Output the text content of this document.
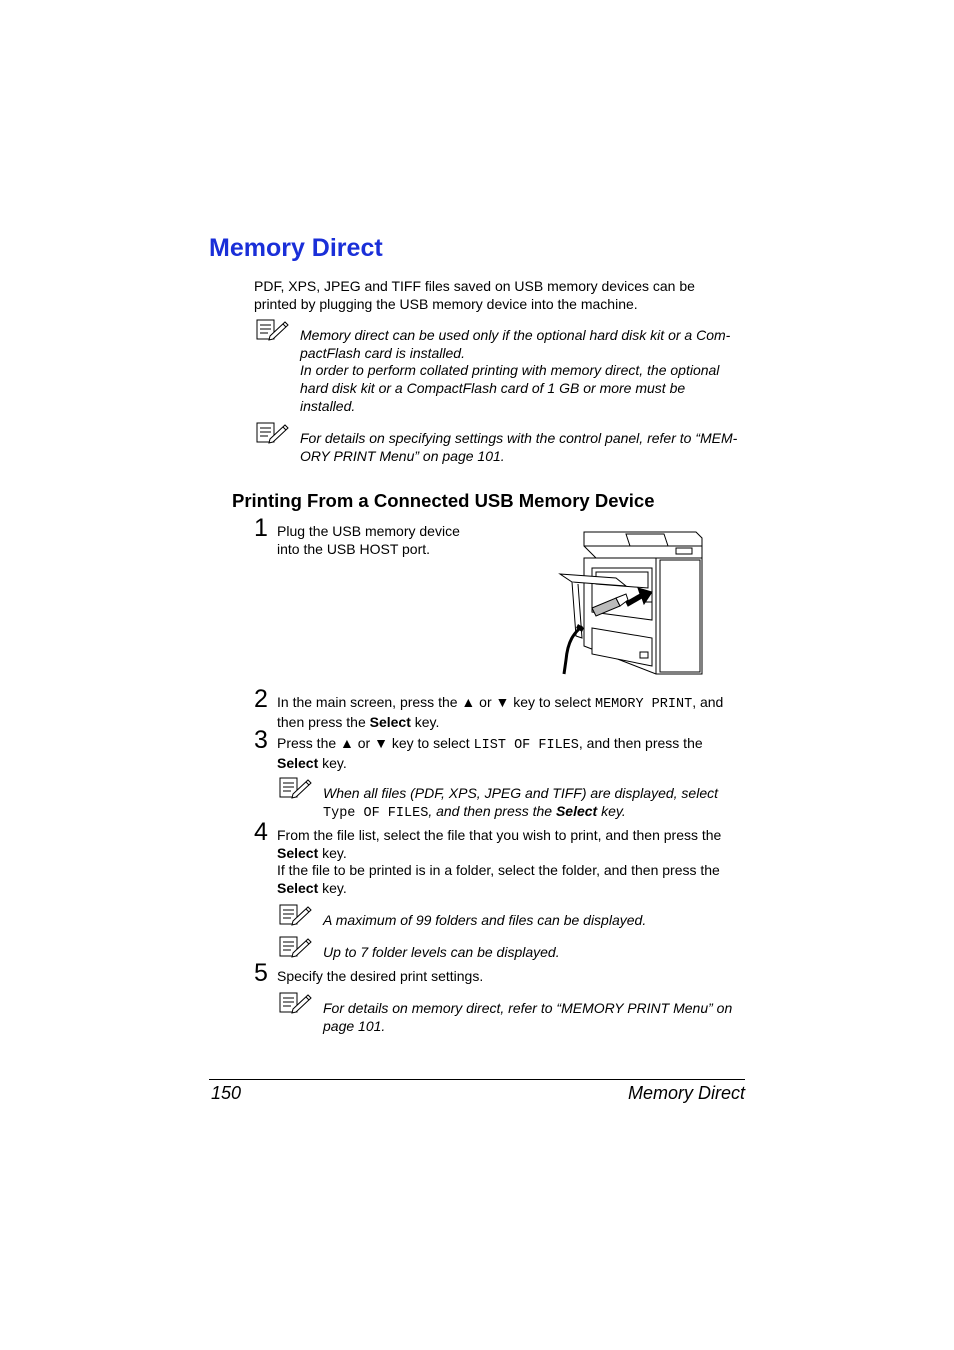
Memory Direct
PDF, XPS, JPEG and TIFF files saved on USB memory devices can be
printed by plugging the USB memory device into the machine.
Memory direct can be used only if the optional hard disk kit or a Com-
pactFlash card is installed.
In order to perform collated printing with memory direct, the optional
hard disk kit or a CompactFlash card of 1 GB or more must be
installed.
For details on specifying settings with the control panel, refer to “MEM-
ORY PRINT Menu” on page 101.
Printing From a Connected USB Memory Device
1 Plug the USB memory device
into the USB HOST port.
2 In the main screen, press the ▲ or ▼ key to select MEMORY PRINT, and
then press the Select key.
3 Press the ▲ or ▼ key to select LIST OF FILES, and then press the
Select key.
When all files (PDF, XPS, JPEG and TIFF) are displayed, select
Type OF FILES, and then press the Select key.
4 From the file list, select the file that you wish to print, and then press the
Select key.
If the file to be printed is in a folder, select the folder, and then press the
Select key.
A maximum of 99 folders and files can be displayed.
Up to 7 folder levels can be displayed.
5 Specify the desired print settings.
For details on memory direct, refer to “MEMORY PRINT Menu” on
page 101.
150	Memory Direct
